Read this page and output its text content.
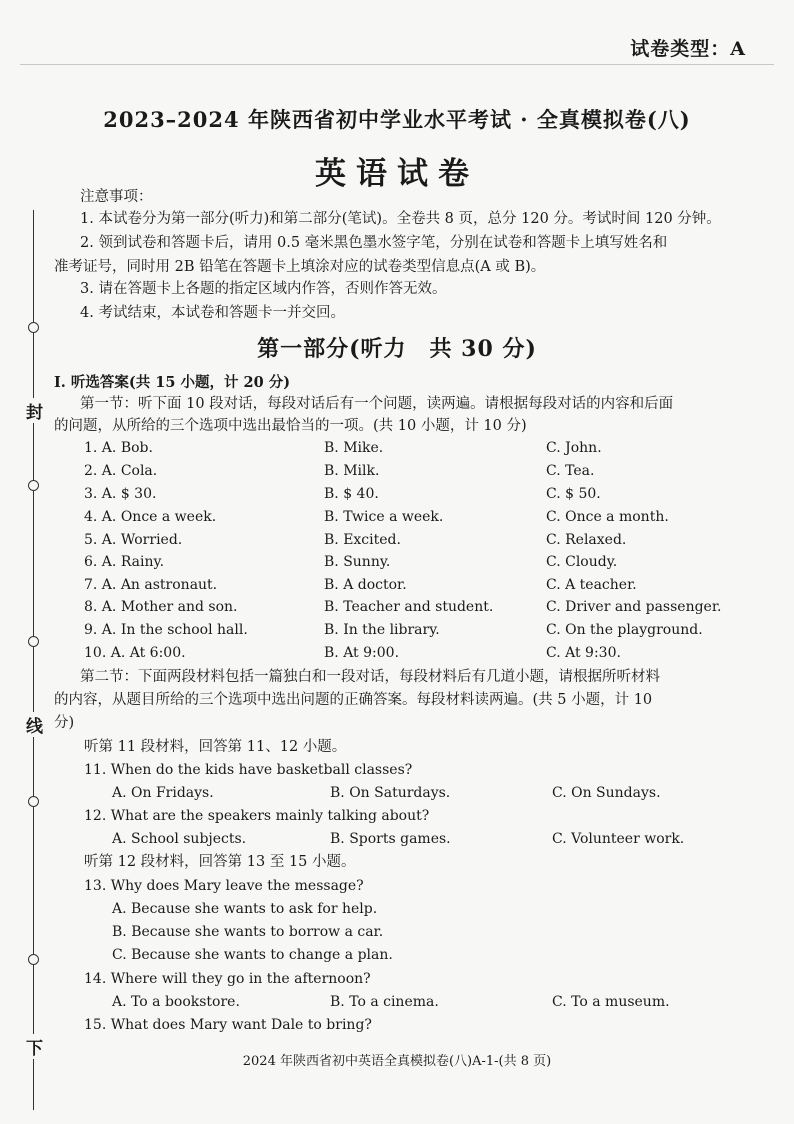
封
线
下
试卷类型：A
2023–2024 年陕西省初中学业水平考试 · 全真模拟卷(八)
英语试卷
注意事项：
1. 本试卷分为第一部分(听力)和第二部分(笔试)。全卷共 8 页，总分 120 分。考试时间 120 分钟。
2. 领到试卷和答题卡后，请用 0.5 毫米黑色墨水签字笔，分别在试卷和答题卡上填写姓名和
准考证号，同时用 2B 铅笔在答题卡上填涂对应的试卷类型信息点(A 或 B)。
3. 请在答题卡上各题的指定区域内作答，否则作答无效。
4. 考试结束，本试卷和答题卡一并交回。
第一部分(听力　共 30 分)
Ⅰ. 听选答案(共 15 小题，计 20 分)
第一节：听下面 10 段对话，每段对话后有一个问题，读两遍。请根据每段对话的内容和后面
的问题，从所给的三个选项中选出最恰当的一项。(共 10 小题，计 10 分)
1. A. Bob.	B. Mike.	C. John.
2. A. Cola.	B. Milk.	C. Tea.
3. A. $ 30.	B. $ 40.	C. $ 50.
4. A. Once a week.	B. Twice a week.	C. Once a month.
5. A. Worried.	B. Excited.	C. Relaxed.
6. A. Rainy.	B. Sunny.	C. Cloudy.
7. A. An astronaut.	B. A doctor.	C. A teacher.
8. A. Mother and son.	B. Teacher and student.	C. Driver and passenger.
9. A. In the school hall.	B. In the library.	C. On the playground.
10. A. At 6:00.	B. At 9:00.	C. At 9:30.
第二节：下面两段材料包括一篇独白和一段对话，每段材料后有几道小题，请根据所听材料
的内容，从题目所给的三个选项中选出问题的正确答案。每段材料读两遍。(共 5 小题，计 10
分)
听第 11 段材料，回答第 11、12 小题。
11. When do the kids have basketball classes?
A. On Fridays.	B. On Saturdays.	C. On Sundays.
12. What are the speakers mainly talking about?
A. School subjects.	B. Sports games.	C. Volunteer work.
听第 12 段材料，回答第 13 至 15 小题。
13. Why does Mary leave the message?
A. Because she wants to ask for help.
B. Because she wants to borrow a car.
C. Because she wants to change a plan.
14. Where will they go in the afternoon?
A. To a bookstore.	B. To a cinema.	C. To a museum.
15. What does Mary want Dale to bring?
2024 年陕西省初中英语全真模拟卷(八)A-1-(共 8 页)
